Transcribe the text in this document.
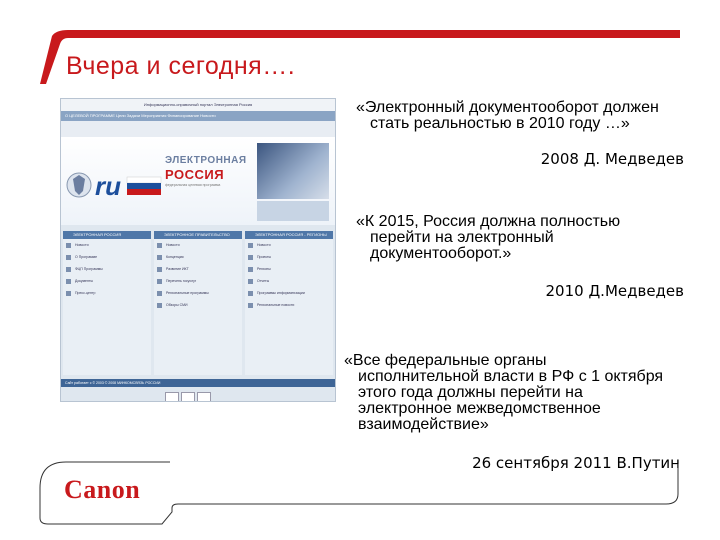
Вчера и сегодня….
Информационно-справочный портал Электронная Россия
О ЦЕЛЕВОЙ ПРОГРАММЕ Цели Задачи Мероприятия Финансирование Новости
ru
ЭЛЕКТРОННАЯ
РОССИЯ
федеральная целевая программа
ЭЛЕКТРОННАЯ РОССИЯ	ЭЛЕКТРОННОЕ ПРАВИТЕЛЬСТВО	ЭЛЕКТРОННАЯ РОССИЯ - РЕГИОНЫ
Новости
О Программе
ФЦП Программы
Документы
Пресс-центр
Новости
Концепция
Развитие ИКТ
Перечень госуслуг
Региональные программы
Обзоры СМИ
Новости
Проекты
Регионы
Отчеты
Программы информатизации
Региональные новости
Сайт работает с © 2003 © 2008 МИНКОМСВЯЗЬ РОССИИ
«Электронный документооборот должен
стать реальностью в 2010 году …»
2008 Д. Медведев
«К 2015, Россия должна полностью
перейти на электронный
документооборот.»
2010 Д.Медведев
«Все федеральные органы
исполнительной власти в РФ с 1 октября
этого года должны перейти на
электронное межведомственное
взаимодействие»
26 сентября 2011 В.Путин
Canon
